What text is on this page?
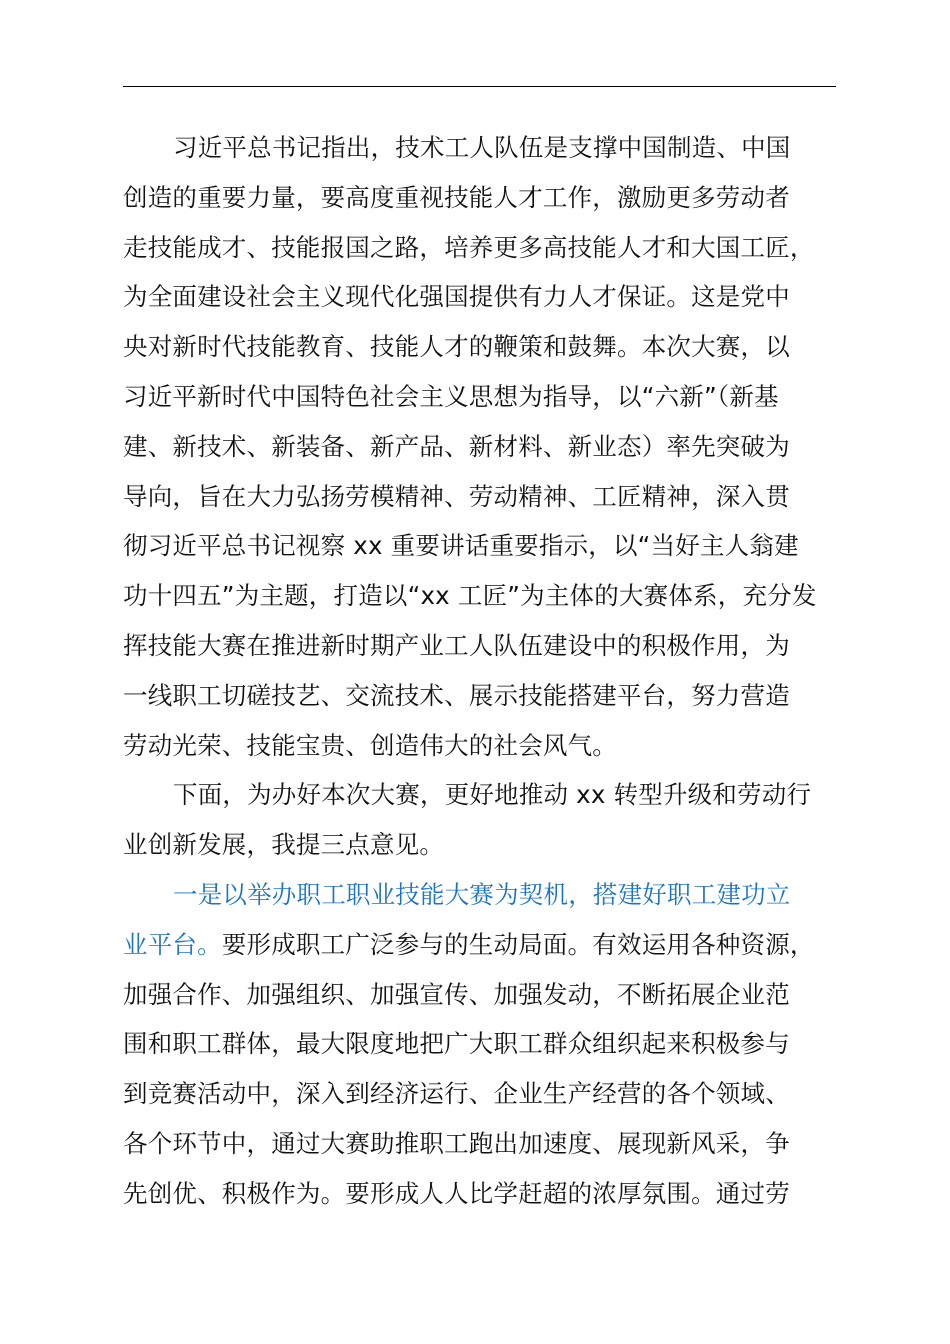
习近平总书记指出，技术工人队伍是支撑中国制造、中国
创造的重要力量，要高度重视技能人才工作，激励更多劳动者
走技能成才、技能报国之路，培养更多高技能人才和大国工匠，
为全面建设社会主义现代化强国提供有力人才保证。这是党中
央对新时代技能教育、技能人才的鞭策和鼓舞。本次大赛，以
习近平新时代中国特色社会主义思想为指导，以“六新”（新基
建、新技术、新装备、新产品、新材料、新业态）率先突破为
导向，旨在大力弘扬劳模精神、劳动精神、工匠精神，深入贯
彻习近平总书记视察 xx 重要讲话重要指示，以“当好主人翁建
功十四五”为主题，打造以“xx 工匠”为主体的大赛体系，充分发
挥技能大赛在推进新时期产业工人队伍建设中的积极作用，为
一线职工切磋技艺、交流技术、展示技能搭建平台，努力营造
劳动光荣、技能宝贵、创造伟大的社会风气。
下面，为办好本次大赛，更好地推动 xx 转型升级和劳动行
业创新发展，我提三点意见。
一是以举办职工职业技能大赛为契机，搭建好职工建功立
业平台。要形成职工广泛参与的生动局面。有效运用各种资源，
加强合作、加强组织、加强宣传、加强发动，不断拓展企业范
围和职工群体，最大限度地把广大职工群众组织起来积极参与
到竞赛活动中，深入到经济运行、企业生产经营的各个领域、
各个环节中，通过大赛助推职工跑出加速度、展现新风采，争
先创优、积极作为。要形成人人比学赶超的浓厚氛围。通过劳
